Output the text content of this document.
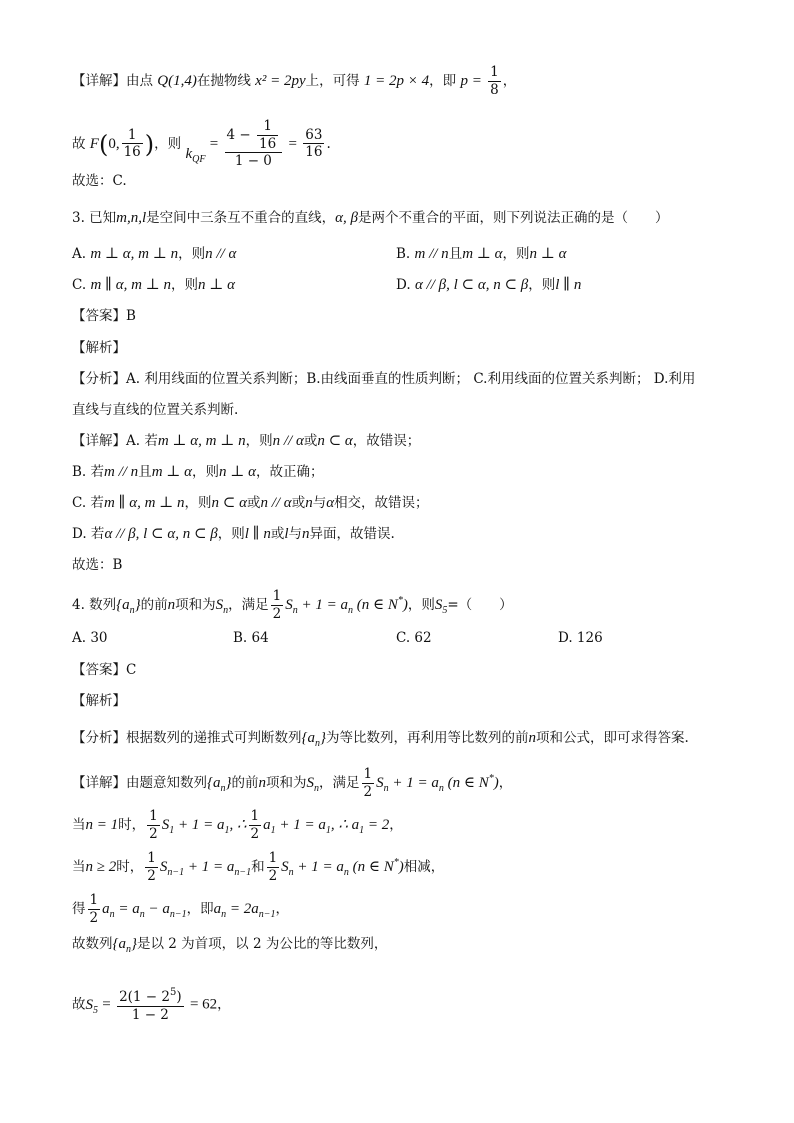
【详解】由点 Q(1,4)在抛物线 x² = 2py上，可得 1 = 2p × 4，即 $p = \frac{1}{8}$ ，
故 F(0, $\frac{1}{16}$ )，则 $k_{QF} = \frac{4 - \frac{1}{16}}{1 - 0} = \frac{63}{16}$ .
故选：C.
3. 已知m,n,l是空间中三条互不重合的直线，α, β是两个不重合的平面，则下列说法正确的是（　　）
A. m ⊥ α, m ⊥ n，则n // α	B. m // n且m ⊥ α，则n ⊥ α
C. m ∥ α, m ⊥ n，则n ⊥ α	D. α // β, l ⊂ α, n ⊂ β，则l ∥ n
【答案】B
【解析】
【分析】A. 利用线面的位置关系判断；B.由线面垂直的性质判断； C.利用线面的位置关系判断； D.利用
直线与直线的位置关系判断.
【详解】A. 若m ⊥ α, m ⊥ n，则n // α或n ⊂ α，故错误；
B. 若m // n且m ⊥ α，则n ⊥ α，故正确；
C. 若m ∥ α, m ⊥ n，则n ⊂ α或n // α或n与α相交，故错误；
D. 若α // β, l ⊂ α, n ⊂ β，则l ∥ n或l与n异面，故错误.
故选：B
4. 数列$\{a_n\}$的前n项和为$S_n$，满足 $\frac{1}{2} S_n + 1 = a_n$ (n ∈ N*)，则$S_5=$（　　）
A. 30	B. 64	C. 62	D. 126
【答案】C
【解析】
【分析】根据数列的递推式可判断数列$\{a_n\}$为等比数列，再利用等比数列的前n项和公式，即可求得答案.
【详解】由题意知数列$\{a_n\}$的前n项和为$S_n$，满足 $\frac{1}{2} S_n + 1 = a_n$ (n ∈ N*)，
当n = 1时， $\frac{1}{2} S_1 + 1 = a_1$, ∴ $\frac{1}{2} a_1 + 1 = a_1$, ∴ $a_1 = 2$，
当n ≥ 2时， $\frac{1}{2} S_{n-1} + 1 = a_{n-1}$和 $\frac{1}{2} S_n + 1 = a_n$ (n ∈ N*)相减，
得 $\frac{1}{2} a_n = a_n - a_{n-1}$，即$a_n = 2a_{n-1}$，
故数列$\{a_n\}$是以 2 为首项，以 2 为公比的等比数列，
故$S_5 = \frac{2(1 - 2^5)}{1 - 2} = 62$，
